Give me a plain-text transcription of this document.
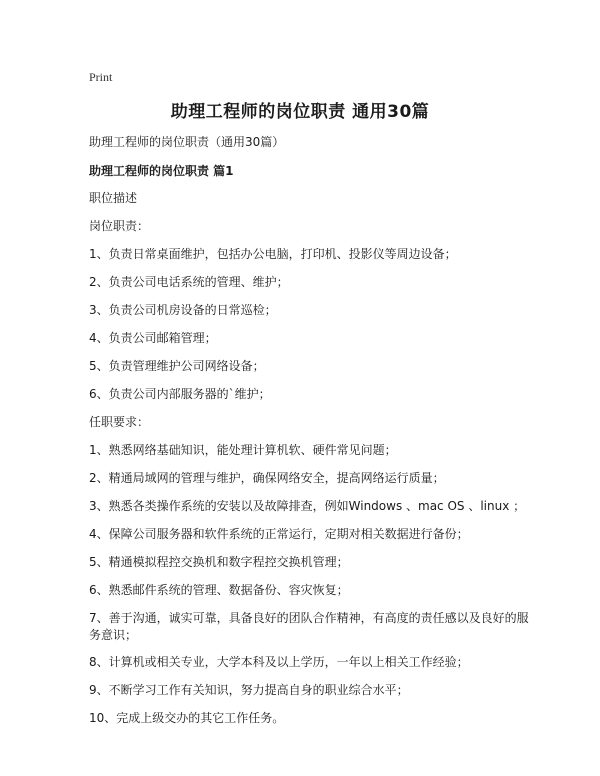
Print
助理工程师的岗位职责 通用30篇
助理工程师的岗位职责（通用30篇）
助理工程师的岗位职责 篇1

职位描述

岗位职责：

1、负责日常桌面维护，包括办公电脑，打印机、投影仪等周边设备；

2、负责公司电话系统的管理、维护；

3、负责公司机房设备的日常巡检；

4、负责公司邮箱管理；

5、负责管理维护公司网络设备；

6、负责公司内部服务器的`维护；

任职要求：

1、熟悉网络基础知识，能处理计算机软、硬件常见问题；

2、精通局域网的管理与维护，确保网络安全，提高网络运行质量；

3、熟悉各类操作系统的安装以及故障排查，例如Windows 、mac OS 、linux ；

4、保障公司服务器和软件系统的正常运行，定期对相关数据进行备份；

5、精通模拟程控交换机和数字程控交换机管理；

6、熟悉邮件系统的管理、数据备份、容灾恢复；

7、善于沟通，诚实可靠，具备良好的团队合作精神，有高度的责任感以及良好的服务意识；

8、计算机或相关专业，大学本科及以上学历，一年以上相关工作经验；

9、不断学习工作有关知识，努力提高自身的职业综合水平；

10、完成上级交办的其它工作任务。
